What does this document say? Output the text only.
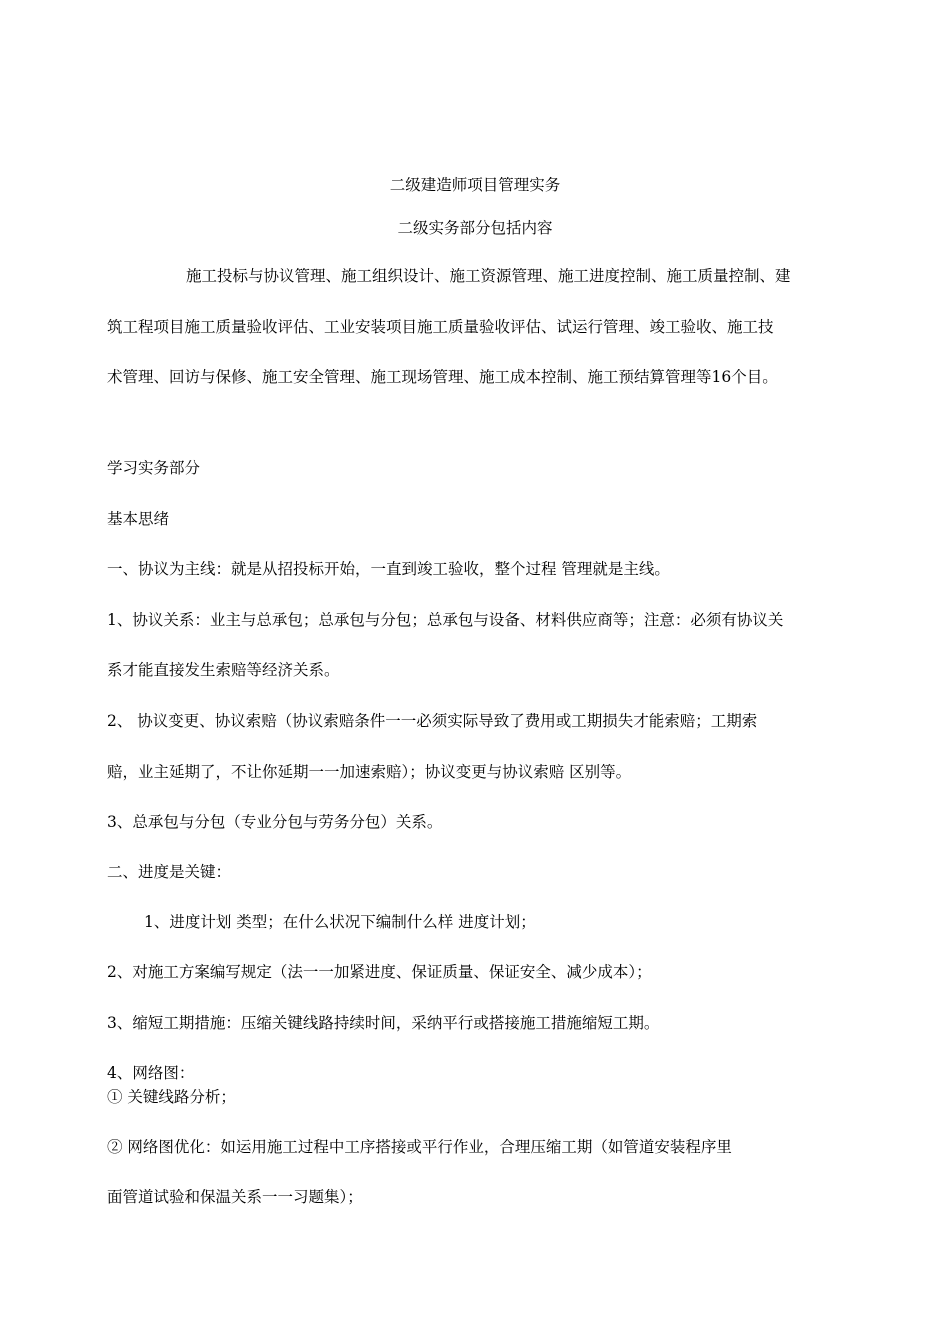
二级建造师项目管理实务

二级实务部分包括内容

施工投标与协议管理、施工组织设计、施工资源管理、施工进度控制、施工质量控制、建

筑工程项目施工质量验收评估、工业安装项目施工质量验收评估、试运行管理、竣工验收、施工技

术管理、回访与保修、施工安全管理、施工现场管理、施工成本控制、施工预结算管理等16个目。

学习实务部分

基本思绪

一、协议为主线：就是从招投标开始，一直到竣工验收，整个过程 管理就是主线。

1、协议关系：业主与总承包；总承包与分包；总承包与设备、材料供应商等；注意：必须有协议关

系才能直接发生索赔等经济关系。

2、 协议变更、协议索赔（协议索赔条件一一必须实际导致了费用或工期损失才能索赔；工期索

赔，业主延期了，不让你延期一一加速索赔）；协议变更与协议索赔 区别等。

3、总承包与分包（专业分包与劳务分包）关系。

二、进度是关键：

1、进度计划 类型；在什么状况下编制什么样 进度计划；

2、对施工方案编写规定（法一一加紧进度、保证质量、保证安全、减少成本）；

3、缩短工期措施：压缩关键线路持续时间，采纳平行或搭接施工措施缩短工期。

4、网络图：

① 关键线路分析；

② 网络图优化：如运用施工过程中工序搭接或平行作业，合理压缩工期（如管道安装程序里

面管道试验和保温关系一一习题集）；
